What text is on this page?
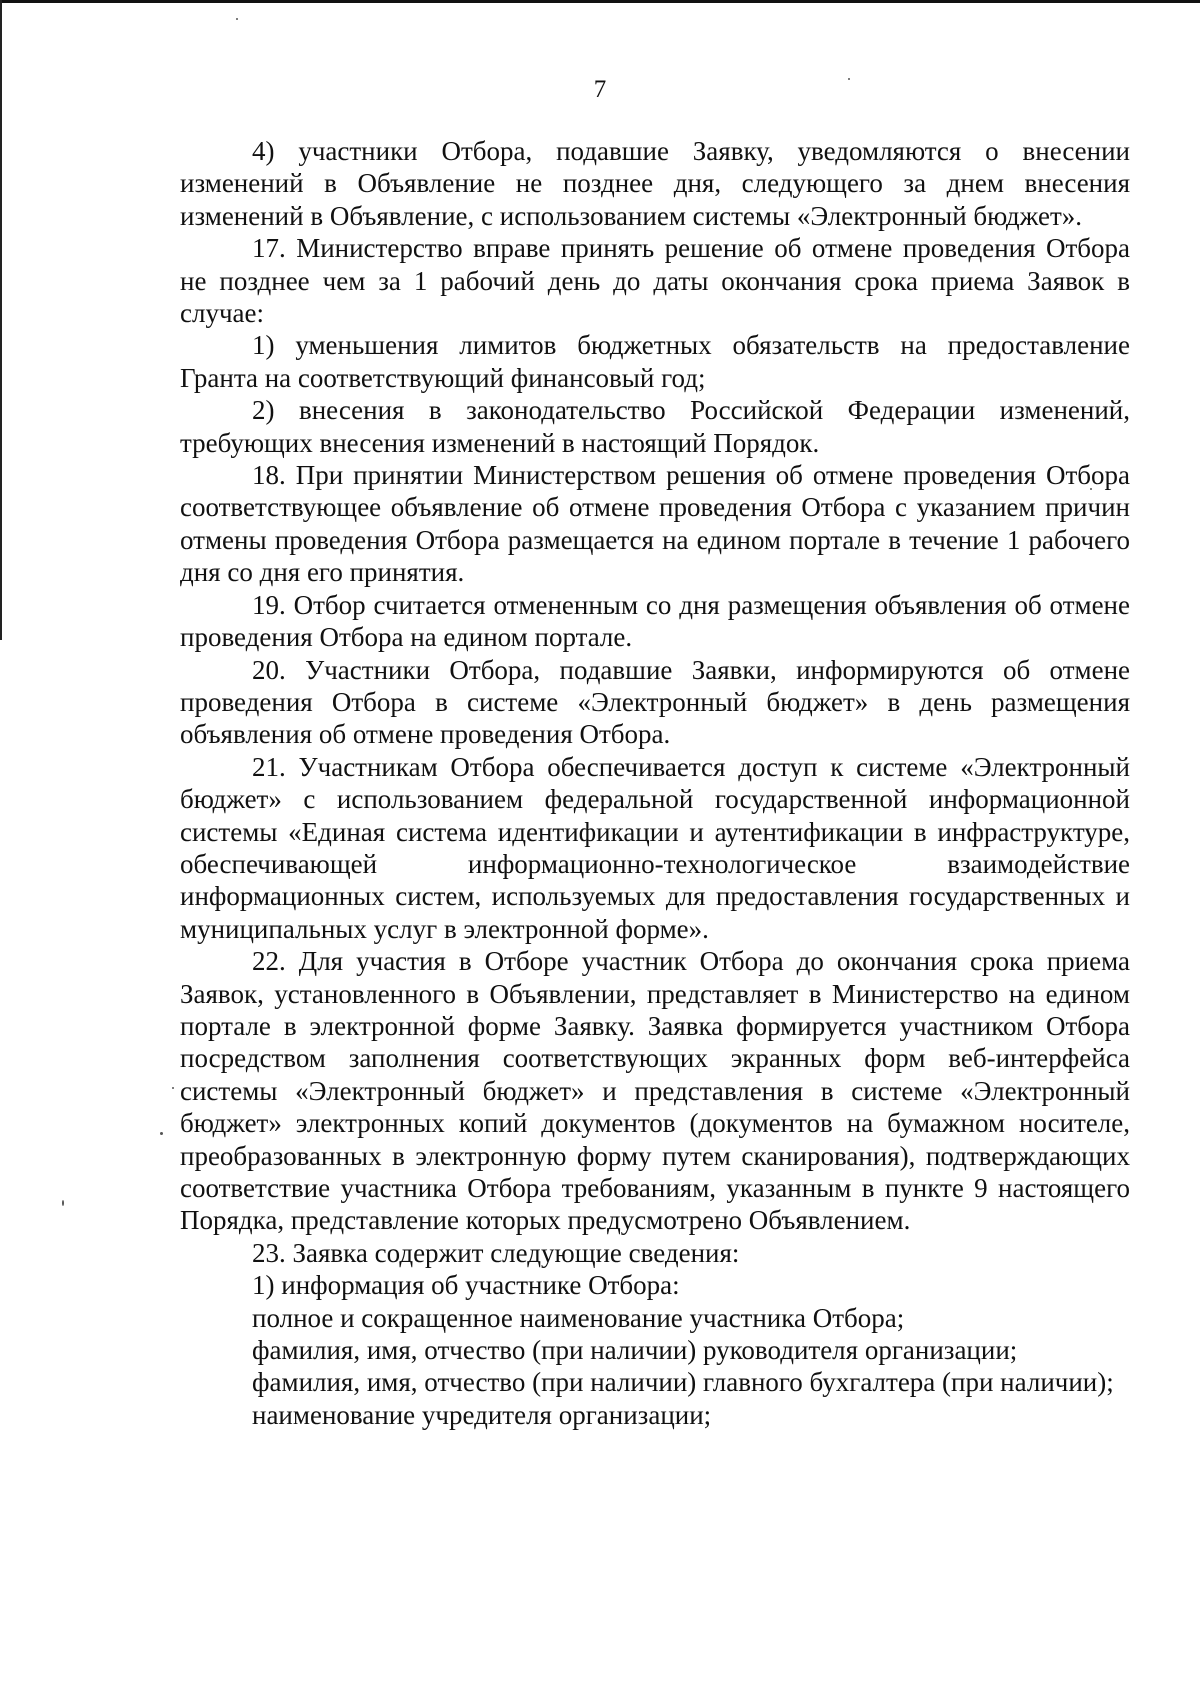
7

4) участники Отбора, подавшие Заявку, уведомляются о внесении изменений в Объявление не позднее дня, следующего за днем внесения изменений в Объявление, с использованием системы «Электронный бюджет».

17. Министерство вправе принять решение об отмене проведения Отбора не позднее чем за 1 рабочий день до даты окончания срока приема Заявок в случае:

1) уменьшения лимитов бюджетных обязательств на предоставление Гранта на соответствующий финансовый год;

2) внесения в законодательство Российской Федерации изменений, требующих внесения изменений в настоящий Порядок.

18. При принятии Министерством решения об отмене проведения Отбора соответствующее объявление об отмене проведения Отбора с указанием причин отмены проведения Отбора размещается на едином портале в течение 1 рабочего дня со дня его принятия.

19. Отбор считается отмененным со дня размещения объявления об отмене проведения Отбора на едином портале.

20. Участники Отбора, подавшие Заявки, информируются об отмене проведения Отбора в системе «Электронный бюджет» в день размещения объявления об отмене проведения Отбора.

21. Участникам Отбора обеспечивается доступ к системе «Электронный бюджет» с использованием федеральной государственной информационной системы «Единая система идентификации и аутентификации в инфраструктуре, обеспечивающей информационно-технологическое взаимодействие информационных систем, используемых для предоставления государственных и муниципальных услуг в электронной форме».

22. Для участия в Отборе участник Отбора до окончания срока приема Заявок, установленного в Объявлении, представляет в Министерство на едином портале в электронной форме Заявку. Заявка формируется участником Отбора посредством заполнения соответствующих экранных форм веб-интерфейса системы «Электронный бюджет» и представления в системе «Электронный бюджет» электронных копий документов (документов на бумажном носителе, преобразованных в электронную форму путем сканирования), подтверждающих соответствие участника Отбора требованиям, указанным в пункте 9 настоящего Порядка, представление которых предусмотрено Объявлением.

23. Заявка содержит следующие сведения:

1) информация об участнике Отбора:

полное и сокращенное наименование участника Отбора;

фамилия, имя, отчество (при наличии) руководителя организации;

фамилия, имя, отчество (при наличии) главного бухгалтера (при наличии);

наименование учредителя организации;
